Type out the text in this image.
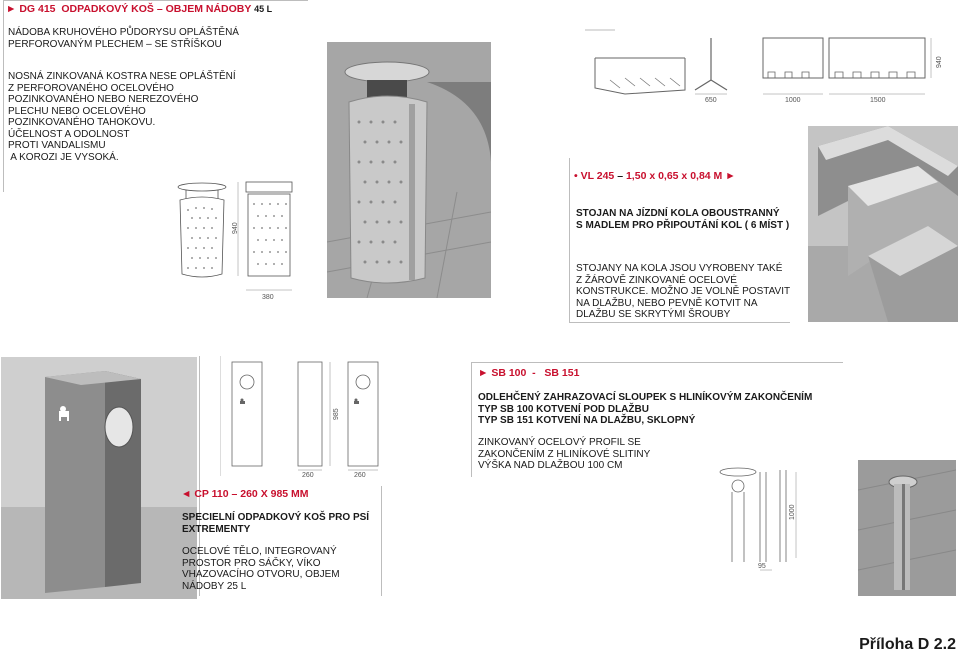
► DG 415 ODPADKOVÝ KOŠ – OBJEM NÁDOBY 45 L
NÁDOBA KRUHOVÉHO PŮDORYSU OPLÁŠTĚNÁ
PERFOROVANÝM PLECHEM – SE STŘÍŠKOU
NOSNÁ ZINKOVANÁ KOSTRA NESE OPLÁŠTĚNÍ
Z PERFOROVANÉHO OCELOVÉHO
POZINKOVANÉHO NEBO NEREZOVÉHO
PLECHU NEBO OCELOVÉHO
POZINKOVANÉHO TAHOKOVU.
ÚČELNOST A ODOLNOST
PROTI VANDALISMU
A KOROZI JE VYSOKÁ.
940
380
650	1000	1500
940
• VL 245 – 1,50 x 0,65 x 0,84 M ►
STOJAN NA JÍZDNÍ KOLA OBOUSTRANNÝ
S MADLEM PRO PŘIPOUTÁNÍ KOL ( 6 MÍST )
STOJANY NA KOLA JSOU VYROBENY TAKÉ
Z ŽÁROVĚ ZINKOVANÉ OCELOVÉ
KONSTRUKCE. MOŽNO JE VOLNĚ POSTAVIT
NA DLAŽBU, NEBO PEVNĚ KOTVIT NA
DLAŽBU SE SKRYTÝMI ŠROUBY
985
260	260
◄ CP 110 – 260 X 985 MM
SPECIELNÍ ODPADKOVÝ KOŠ PRO PSÍ
EXTREMENTY
OCELOVÉ TĚLO, INTEGROVANÝ
PROSTOR PRO SÁČKY, VÍKO
VHAZOVACÍHO OTVORU, OBJEM
NÁDOBY 25 L
► SB 100  -   SB 151
ODLEHČENÝ ZAHRAZOVACÍ SLOUPEK S HLINÍKOVÝM ZAKONČENÍM
TYP SB 100 KOTVENÍ POD DLAŽBU
TYP SB 151 KOTVENÍ NA DLAŽBU, SKLOPNÝ
ZINKOVANÝ OCELOVÝ PROFIL SE
ZAKONČENÍM Z HLINÍKOVÉ SLITINY
VÝŠKA NAD DLAŽBOU 100 CM
1000
95
Příloha D 2.2
